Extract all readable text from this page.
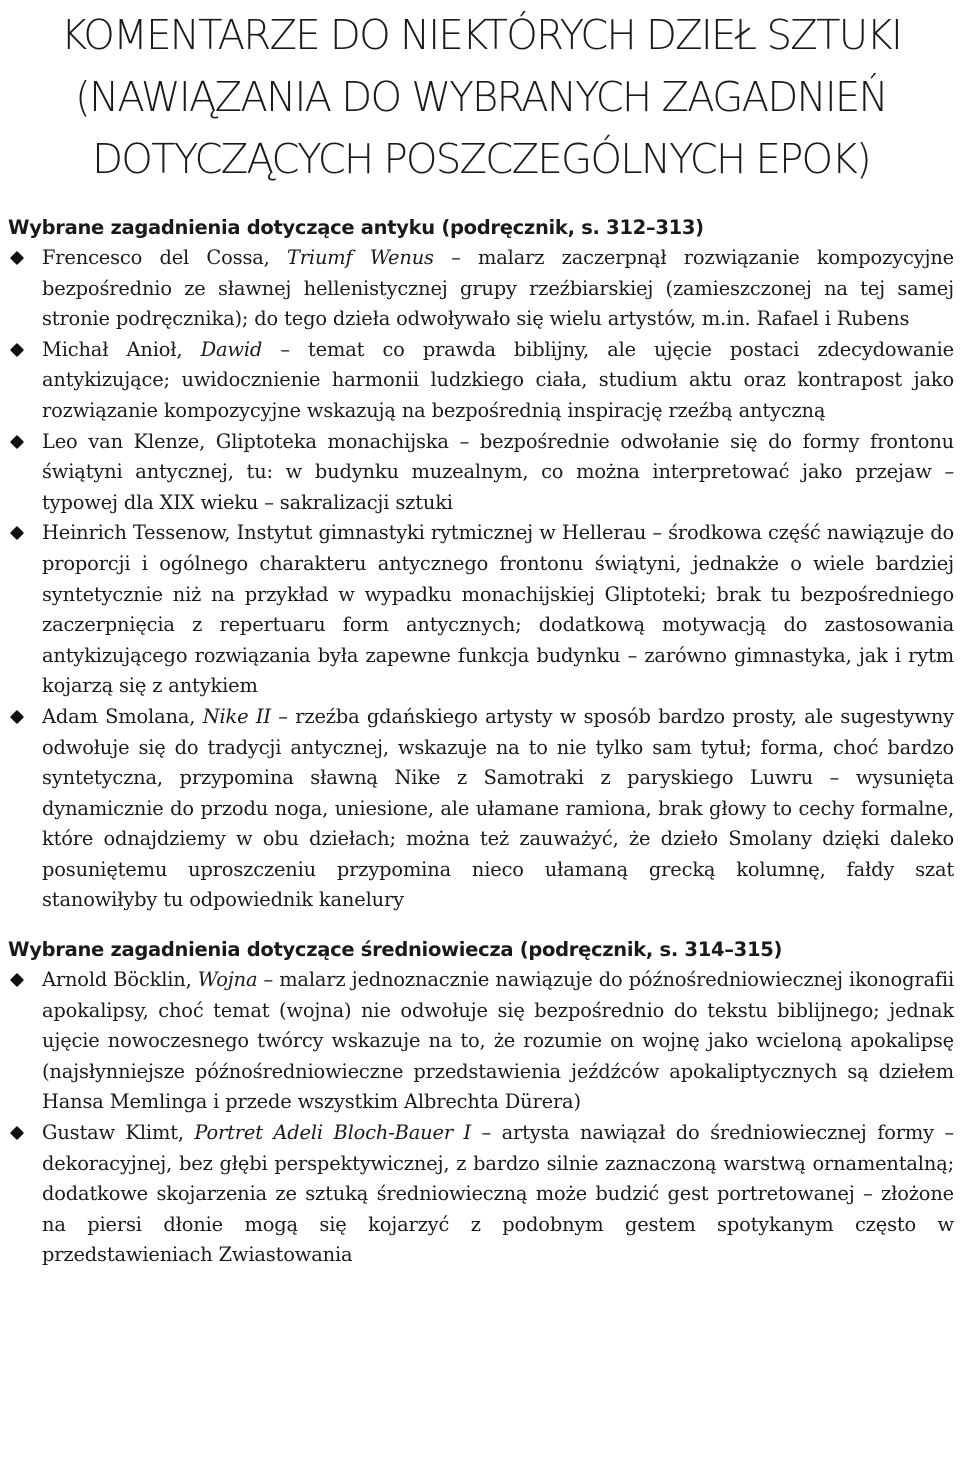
KOMENTARZE DO NIEKTÓRYCH DZIEŁ SZTUKI
(NAWIĄZANIA DO WYBRANYCH ZAGADNIEŃ
DOTYCZĄCYCH POSZCZEGÓLNYCH EPOK)
Wybrane zagadnienia dotyczące antyku (podręcznik, s. 312–313)
Frencesco del Cossa, Triumf Wenus – malarz zaczerpnął rozwiązanie kompozycyjne bezpośrednio ze sławnej hellenistycznej grupy rzeźbiarskiej (zamieszczonej na tej samej stronie podręcznika); do tego dzieła odwoływało się wielu artystów, m.in. Rafael i Rubens
Michał Anioł, Dawid – temat co prawda biblijny, ale ujęcie postaci zdecydowanie antykizujące; uwidocznienie harmonii ludzkiego ciała, studium aktu oraz kontrapost jako rozwiązanie kompozycyjne wskazują na bezpośrednią inspirację rzeźbą antyczną
Leo van Klenze, Gliptoteka monachijska – bezpośrednie odwołanie się do formy frontonu świątyni antycznej, tu: w budynku muzealnym, co można interpretować jako przejaw – typowej dla XIX wieku – sakralizacji sztuki
Heinrich Tessenow, Instytut gimnastyki rytmicznej w Hellerau – środkowa część nawiązuje do proporcji i ogólnego charakteru antycznego frontonu świątyni, jednakże o wiele bardziej syntetycznie niż na przykład w wypadku monachijskiej Gliptoteki; brak tu bezpośredniego zaczerpnięcia z repertuaru form antycznych; dodatkową motywacją do zastosowania antykizującego rozwiązania była zapewne funkcja budynku – zarówno gimnastyka, jak i rytm kojarzą się z antykiem
Adam Smolana, Nike II – rzeźba gdańskiego artysty w sposób bardzo prosty, ale sugestywny odwołuje się do tradycji antycznej, wskazuje na to nie tylko sam tytuł; forma, choć bardzo syntetyczna, przypomina sławną Nike z Samotraki z paryskiego Luwru – wysunięta dynamicznie do przodu noga, uniesione, ale ułamane ramiona, brak głowy to cechy formalne, które odnajdziemy w obu dziełach; można też zauważyć, że dzieło Smolany dzięki daleko posuniętemu uproszczeniu przypomina nieco ułamaną grecką kolumnę, fałdy szat stanowiłyby tu odpowiednik kanelury
Wybrane zagadnienia dotyczące średniowiecza (podręcznik, s. 314–315)
Arnold Böcklin, Wojna – malarz jednoznacznie nawiązuje do późnośredniowiecznej ikonografii apokalipsy, choć temat (wojna) nie odwołuje się bezpośrednio do tekstu biblijnego; jednak ujęcie nowoczesnego twórcy wskazuje na to, że rozumie on wojnę jako wcieloną apokalipsę (najsłynniejsze późnośredniowieczne przedstawienia jeźdźców apokaliptycznych są dziełem Hansa Memlinga i przede wszystkim Albrechta Dürera)
Gustaw Klimt, Portret Adeli Bloch-Bauer I – artysta nawiązał do średniowiecznej formy – dekoracyjnej, bez głębi perspektywicznej, z bardzo silnie zaznaczoną warstwą ornamentalną; dodatkowe skojarzenia ze sztuką średniowieczną może budzić gest portretowanej – złożone na piersi dłonie mogą się kojarzyć z podobnym gestem spotykanym często w przedstawieniach Zwiastowania
